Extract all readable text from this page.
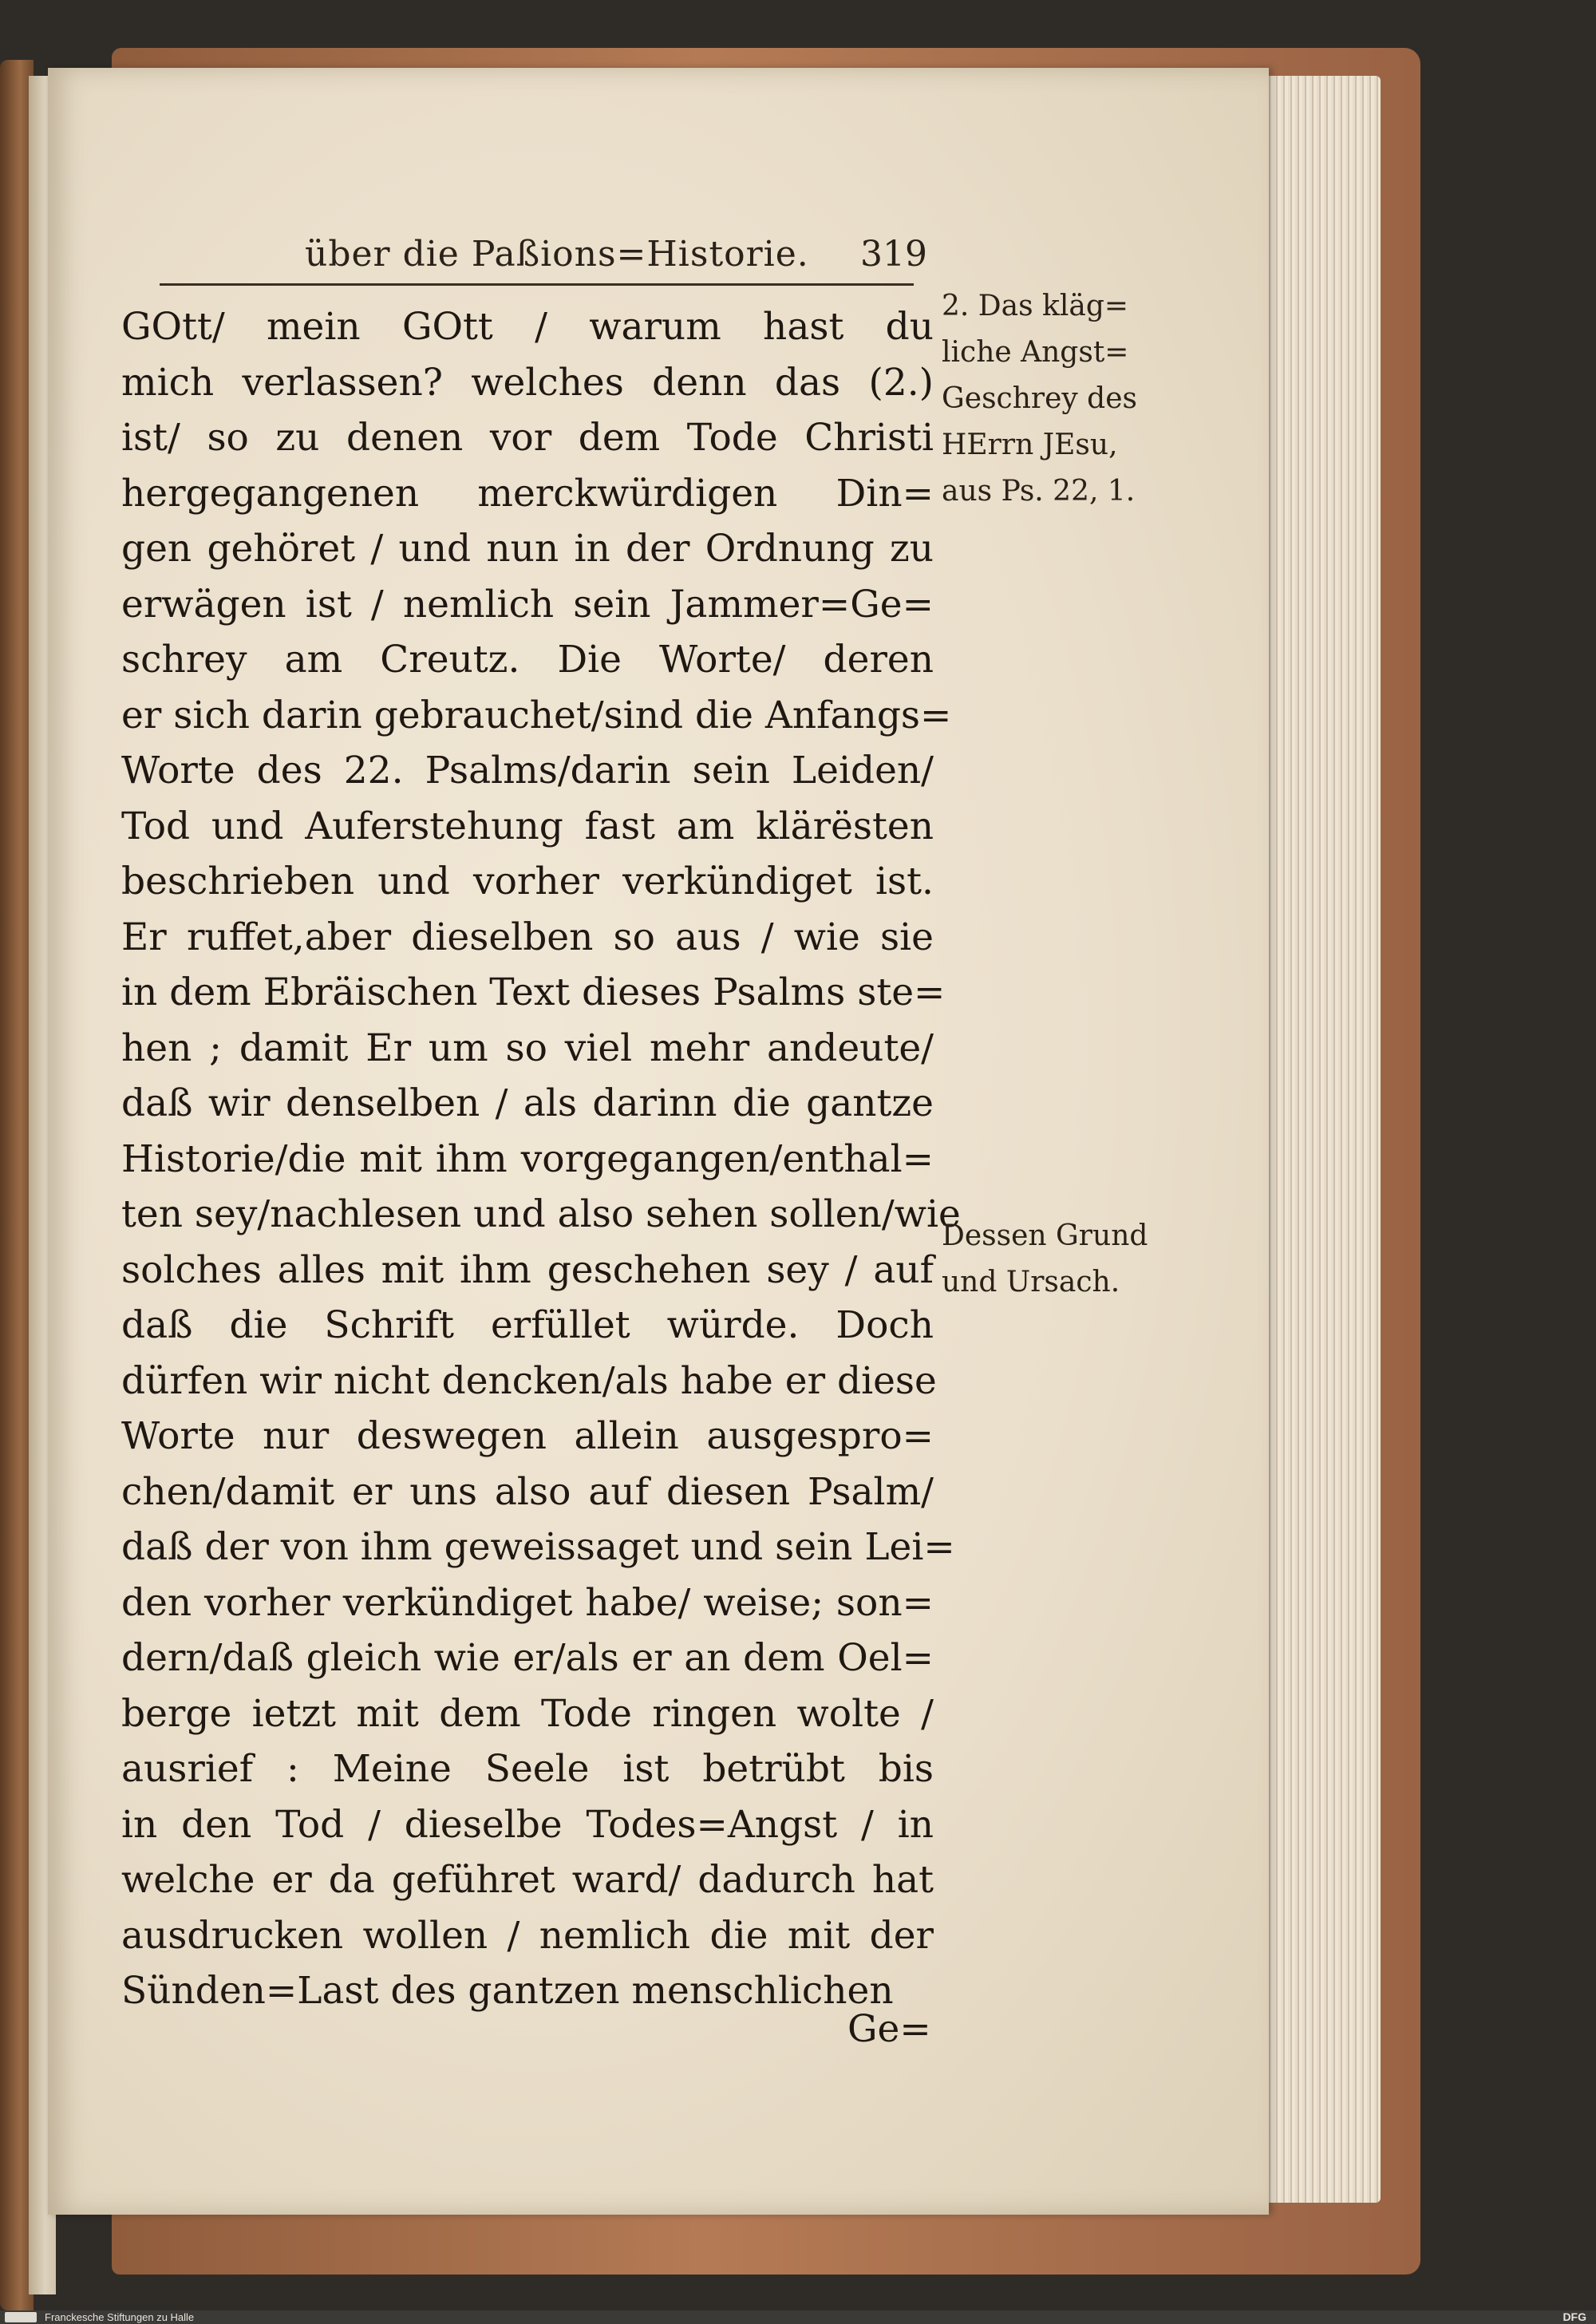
über die Paßions=Historie. 319
GOtt/ mein GOtt / warum hast du
mich verlassen? welches denn das (2.)
ist/ so zu denen vor dem Tode Christi
hergegangenen merckwürdigen Din=
gen gehöret / und nun in der Ordnung zu
erwägen ist / nemlich sein Jammer=Ge=
schrey am Creutz. Die Worte/ deren
er sich darin gebrauchet/sind die Anfangs=
Worte des 22. Psalms/darin sein Leiden/
Tod und Auferstehung fast am klärësten
beschrieben und vorher verkündiget ist.
Er ruffet,aber dieselben so aus / wie sie
in dem Ebräischen Text dieses Psalms ste=
hen ; damit Er um so viel mehr andeute/
daß wir denselben / als darinn die gantze
Historie/die mit ihm vorgegangen/enthal=
ten sey/nachlesen und also sehen sollen/wie
solches alles mit ihm geschehen sey / auf
daß die Schrift erfüllet würde. Doch
dürfen wir nicht dencken/als habe er diese
Worte nur deswegen allein ausgespro=
chen/damit er uns also auf diesen Psalm/
daß der von ihm geweissaget und sein Lei=
den vorher verkündiget habe/ weise; son=
dern/daß gleich wie er/als er an dem Oel=
berge ietzt mit dem Tode ringen wolte /
ausrief : Meine Seele ist betrübt bis
in den Tod / dieselbe Todes=Angst / in
welche er da geführet ward/ dadurch hat
ausdrucken wollen / nemlich die mit der
Sünden=Last des gantzen menschlichen
Ge=
2. Das kläg=
liche Angst=
Geschrey des
HErrn JEsu,
aus Ps. 22, 1.
Dessen Grund
und Ursach.
Franckesche Stiftungen zu Halle	DFG
